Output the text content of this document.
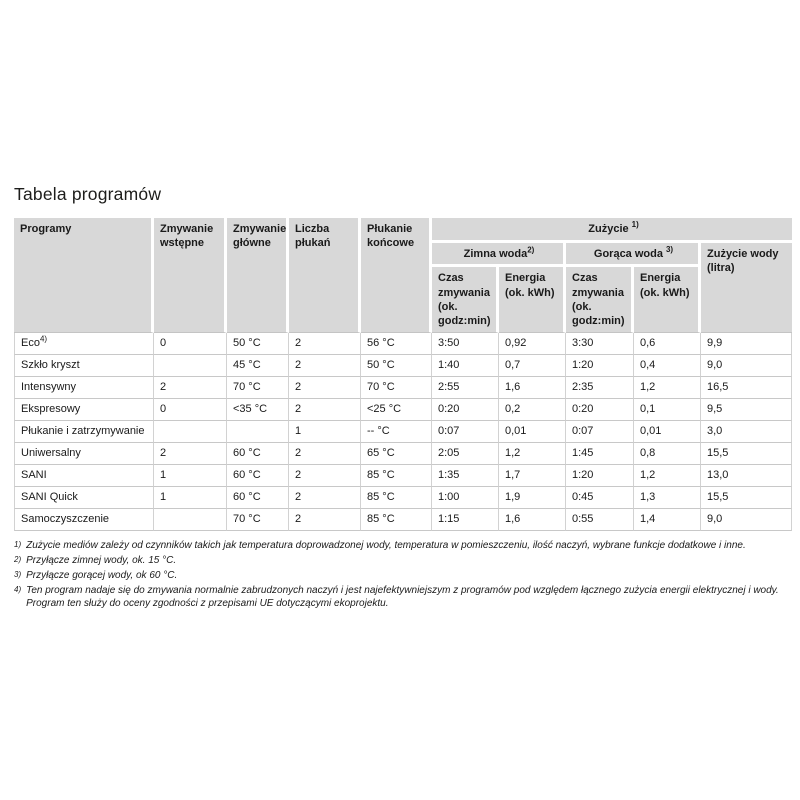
Tabela programów
Programy	Zmywanie wstępne	Zmywanie główne	Liczba płukań	Płukanie końcowe	Zużycie $^{1)}$
					Zimna woda$^{2)}$		Gorąca woda $^{3)}$		Zużycie wody (litra)
					Czas zmywania (ok. godz:min)	Energia (ok. kWh)	Czas zmywania (ok. godz:min)	Energia (ok. kWh)	
Eco$^{4)}$	0	50 °C	2	56 °C	3:50	0,92	3:30	0,6	9,9
Szkło kryszt		45 °C	2	50 °C	1:40	0,7	1:20	0,4	9,0
Intensywny	2	70 °C	2	70 °C	2:55	1,6	2:35	1,2	16,5
Ekspresowy	0	<35 °C	2	<25 °C	0:20	0,2	0:20	0,1	9,5
Płukanie i zatrzymywanie			1	-- °C	0:07	0,01	0:07	0,01	3,0
Uniwersalny	2	60 °C	2	65 °C	2:05	1,2	1:45	0,8	15,5
SANI	1	60 °C	2	85 °C	1:35	1,7	1:20	1,2	13,0
SANI Quick	1	60 °C	2	85 °C	1:00	1,9	0:45	1,3	15,5
Samoczyszczenie		70 °C	2	85 °C	1:15	1,6	0:55	1,4	9,0
1) Zużycie mediów zależy od czynników takich jak temperatura doprowadzonej wody, temperatura w pomieszczeniu, ilość naczyń, wybrane funkcje dodatkowe i inne.
2) Przyłącze zimnej wody, ok. 15 °C.
3) Przyłącze gorącej wody, ok 60 °C.
4) Ten program nadaje się do zmywania normalnie zabrudzonych naczyń i jest najefektywniejszym z programów pod względem łącznego zużycia energii elektrycznej i wody. Program ten służy do oceny zgodności z przepisami UE dotyczącymi ekoprojektu.
